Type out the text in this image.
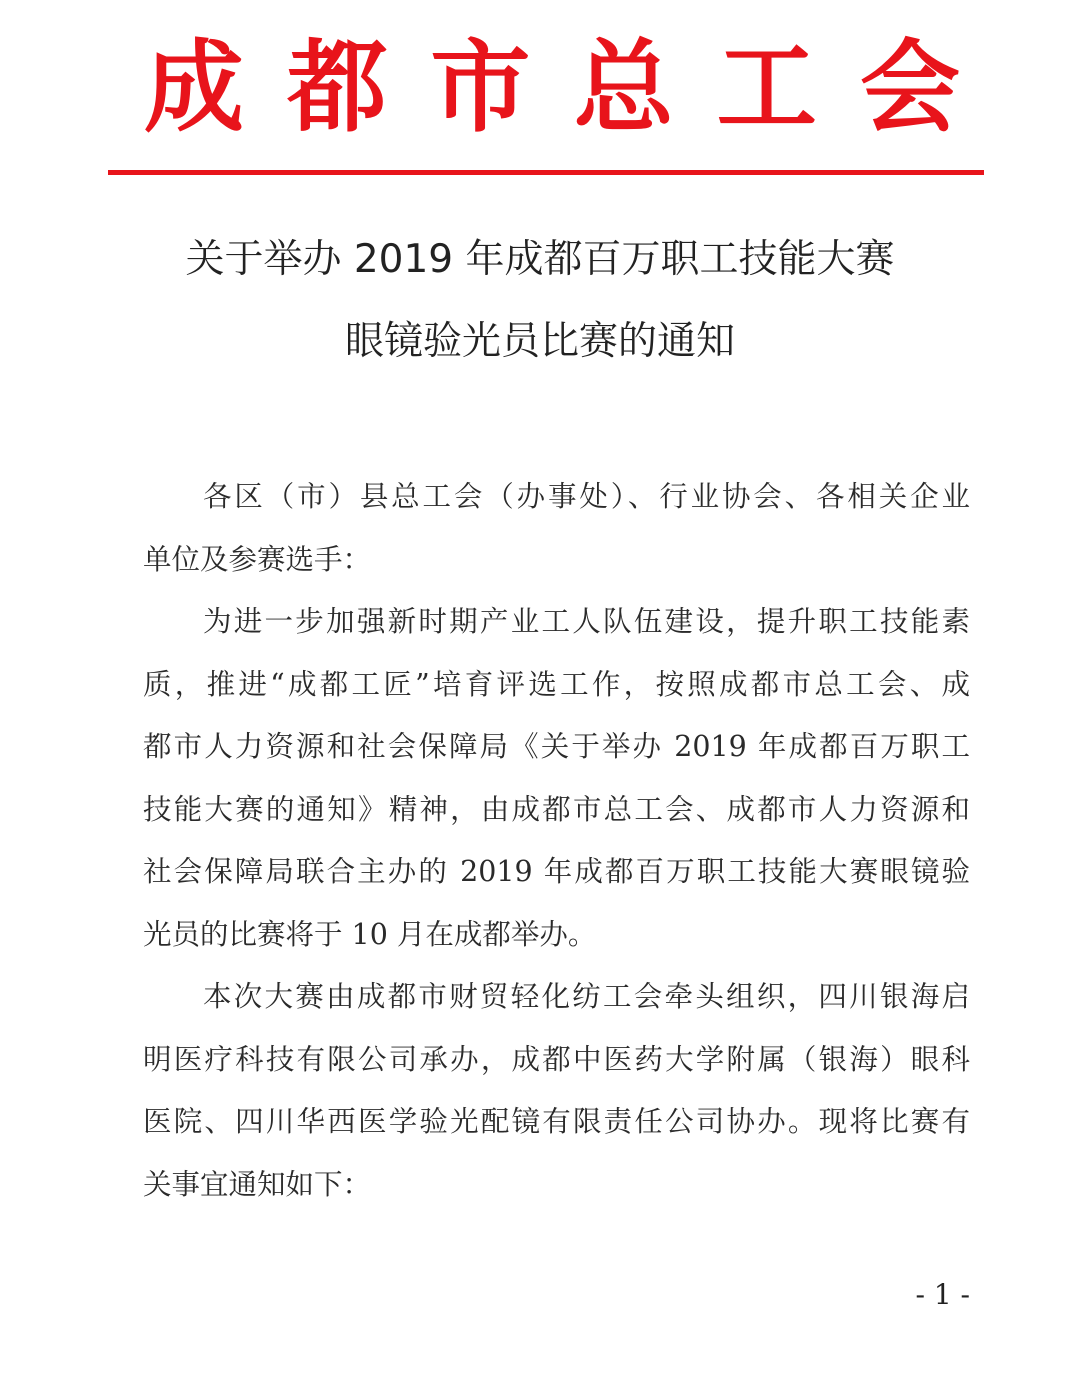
成 都 市 总 工 会
关于举办 2019 年成都百万职工技能大赛
眼镜验光员比赛的通知
各区（市）县总工会（办事处）、行业协会、各相关企业
单位及参赛选手：
为进一步加强新时期产业工人队伍建设，提升职工技能素
质，推进“成都工匠”培育评选工作，按照成都市总工会、成
都市人力资源和社会保障局《关于举办 2019 年成都百万职工
技能大赛的通知》精神，由成都市总工会、成都市人力资源和
社会保障局联合主办的 2019 年成都百万职工技能大赛眼镜验
光员的比赛将于 10 月在成都举办。
本次大赛由成都市财贸轻化纺工会牵头组织，四川银海启
明医疗科技有限公司承办，成都中医药大学附属（银海）眼科
医院、四川华西医学验光配镜有限责任公司协办。现将比赛有
关事宜通知如下：
- 1 -
